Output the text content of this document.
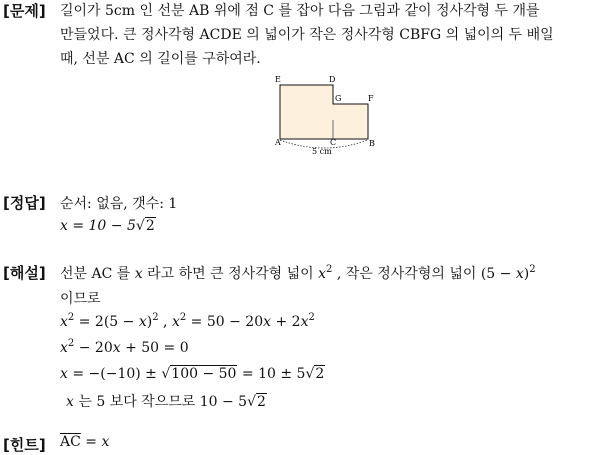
[문제] 길이가 5cm 인 선분 AB 위에 점 C 를 잡아 다음 그림과 같이 정사각형 두 개를
만들었다. 큰 정사각형 ACDE 의 넓이가 작은 정사각형 CBFG 의 넓이의 두 배일
때, 선분 AC 의 길이를 구하여라.
E	D
G	F
A	C	B
5 cm
[정답] 순서: 없음, 갯수: 1
x = 10 − 5√2
[해설] 선분 AC 를 x 라고 하면 큰 정사각형 넓이 $x^2$ , 작은 정사각형의 넓이 $(5 - x)^2$
이므로
$x^2 = 2(5 - x)^2$ , $x^2 = 50 - 20x + 2x^2$
$x^2 - 20x + 50 = 0$
x = −(−10) ± √100 − 50 = 10 ± 5√2
x 는 5 보다 작으므로 10 − 5√2
[힌트] $\overline{AC} = x$
